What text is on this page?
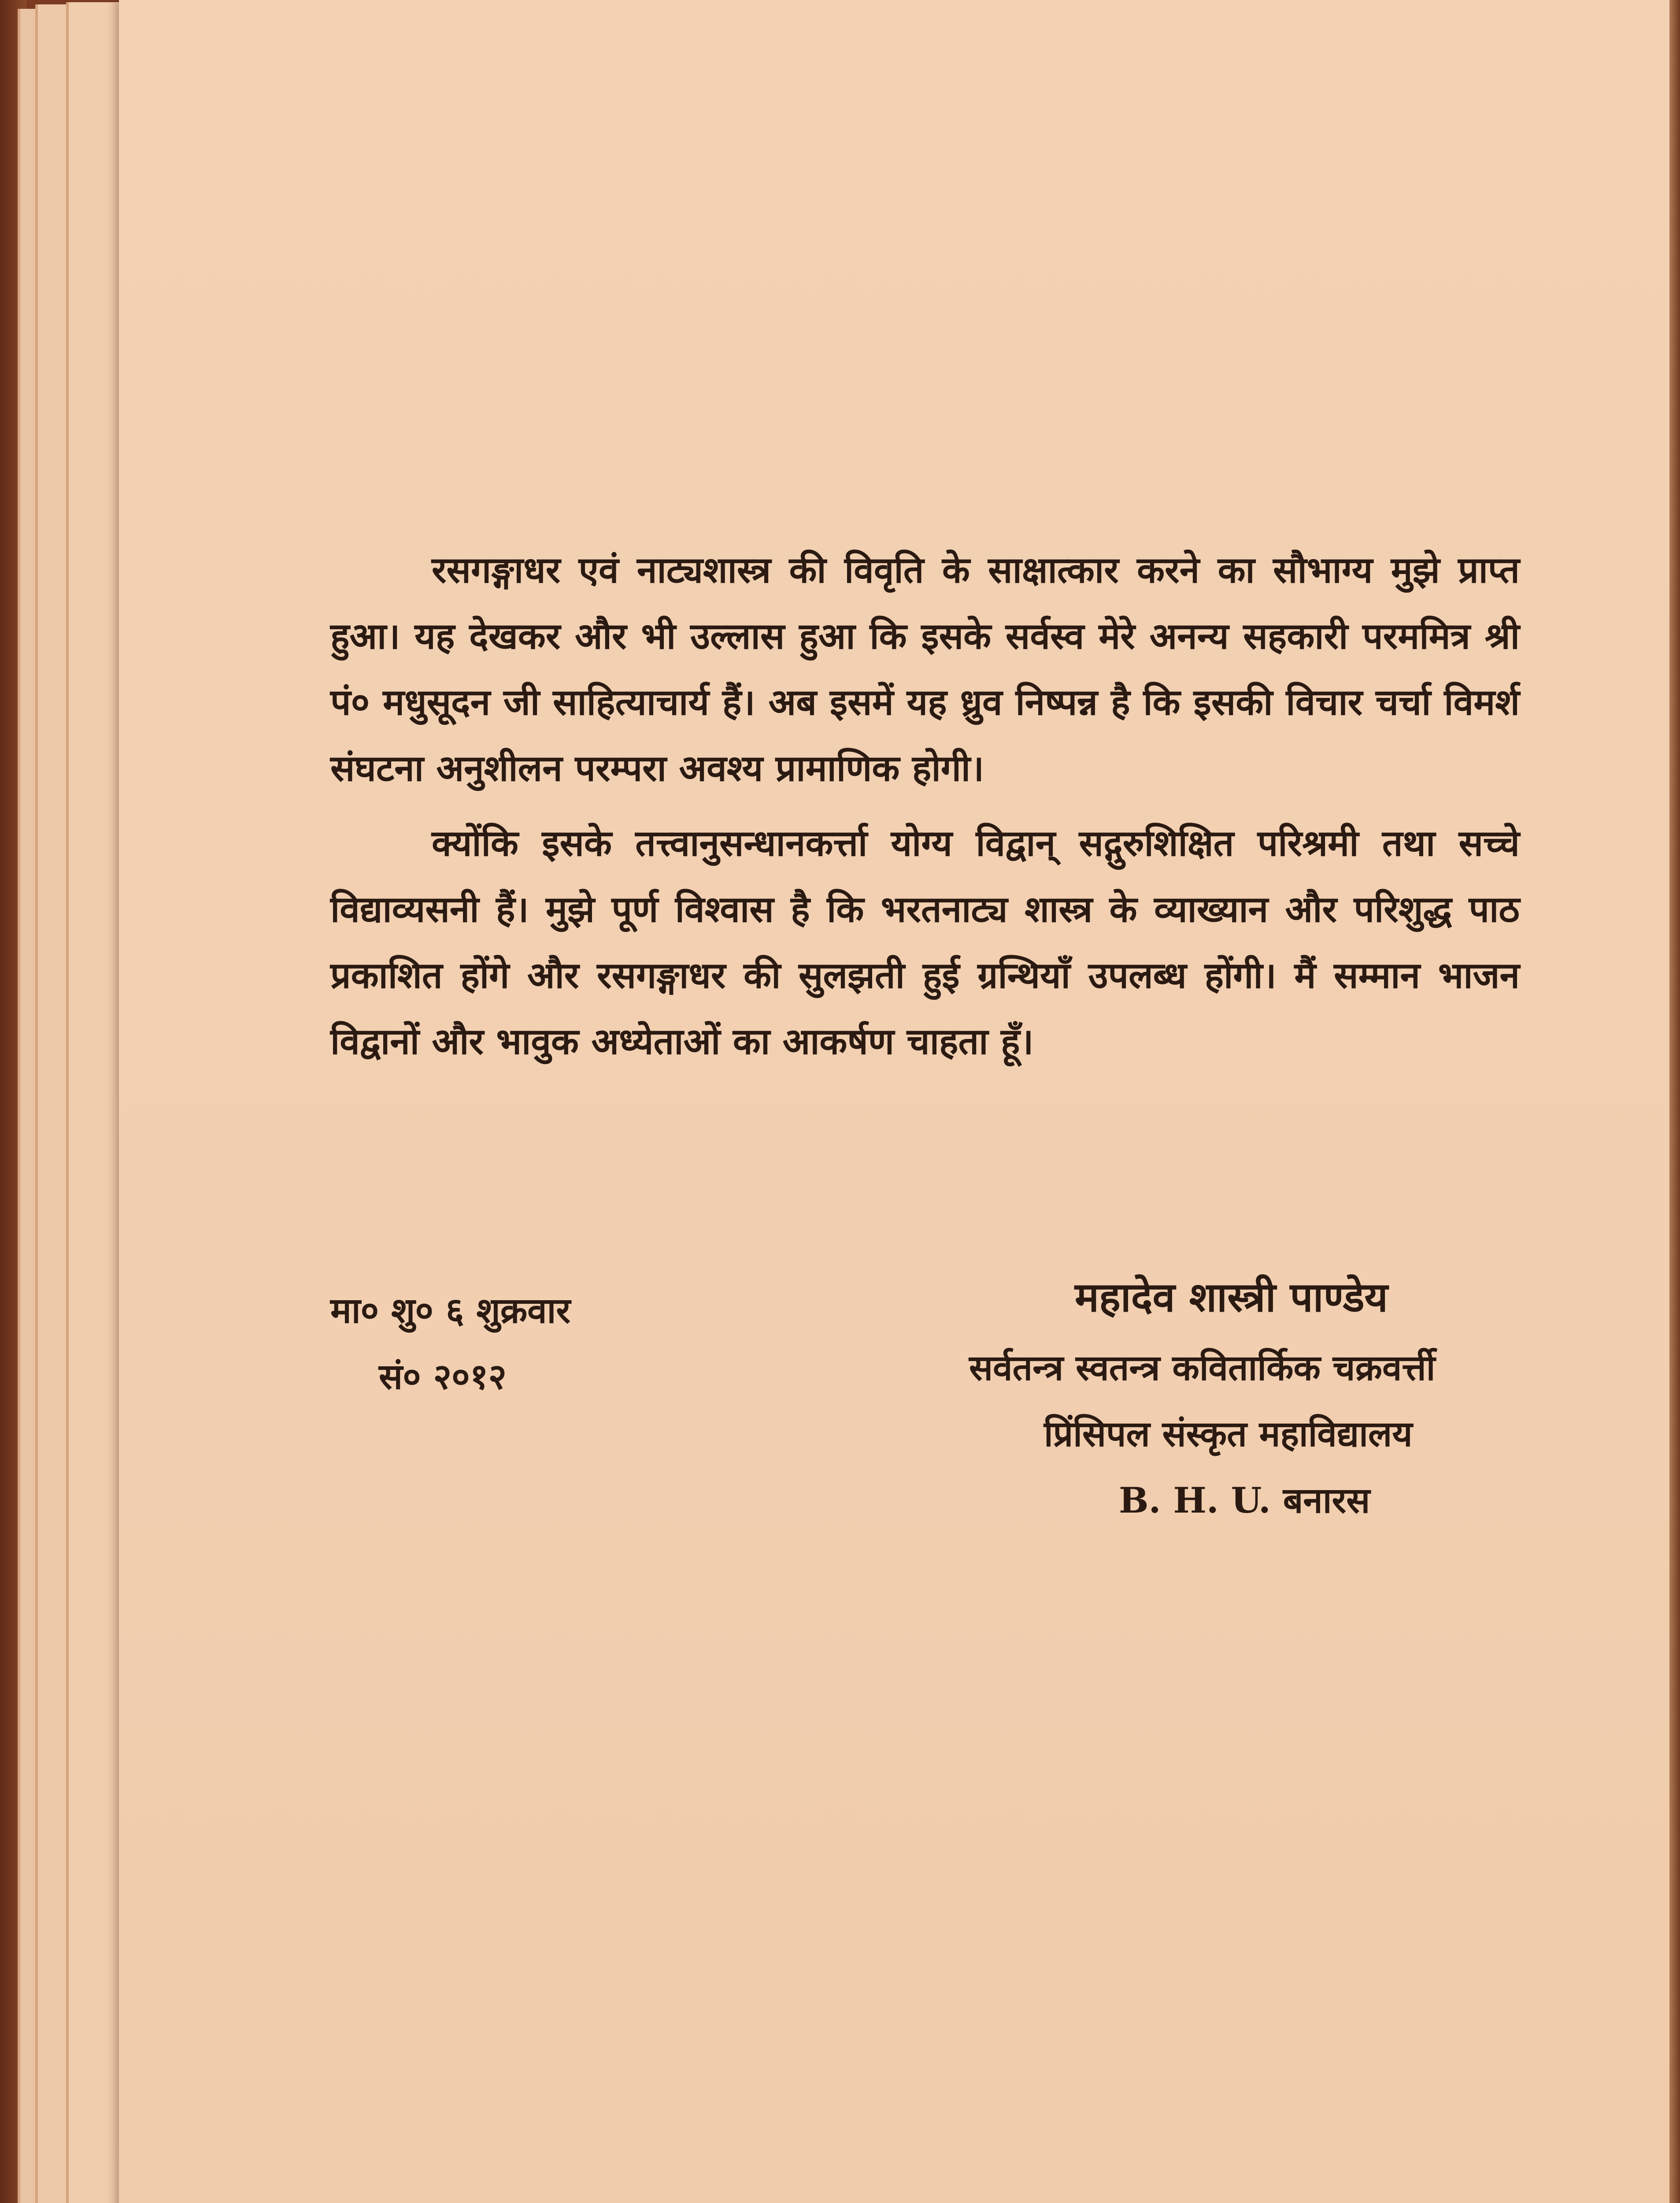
रसगङ्गाधर एवं नाट्यशास्त्र की विवृति के साक्षात्कार करने का सौभाग्य मुझे प्राप्त हुआ। यह देखकर और भी उल्लास हुआ कि इसके सर्वस्व मेरे अनन्य सहकारी परममित्र श्री पं० मधुसूदन जी साहित्याचार्य हैं। अब इसमें यह ध्रुव निष्पन्न है कि इसकी विचार चर्चा विमर्श संघटना अनुशीलन परम्परा अवश्य प्रामाणिक होगी।

क्योंकि इसके तत्त्वानुसन्धानकर्त्ता योग्य विद्वान् सद्गुरुशिक्षित परिश्रमी तथा सच्चे विद्याव्यसनी हैं। मुझे पूर्ण विश्वास है कि भरतनाट्य शास्त्र के व्याख्यान और परिशुद्ध पाठ प्रकाशित होंगे और रसगङ्गाधर की सुलझती हुई ग्रन्थियाँ उपलब्ध होंगी। मैं सम्मान भाजन विद्वानों और भावुक अध्येताओं का आकर्षण चाहता हूँ।

मा० शु० ६ शुक्रवार
सं० २०१२
महादेव शास्त्री पाण्डेय
सर्वतन्त्र स्वतन्त्र कवितार्किक चक्रवर्त्ती
प्रिंसिपल संस्कृत महाविद्यालय
B. H. U. बनारस
